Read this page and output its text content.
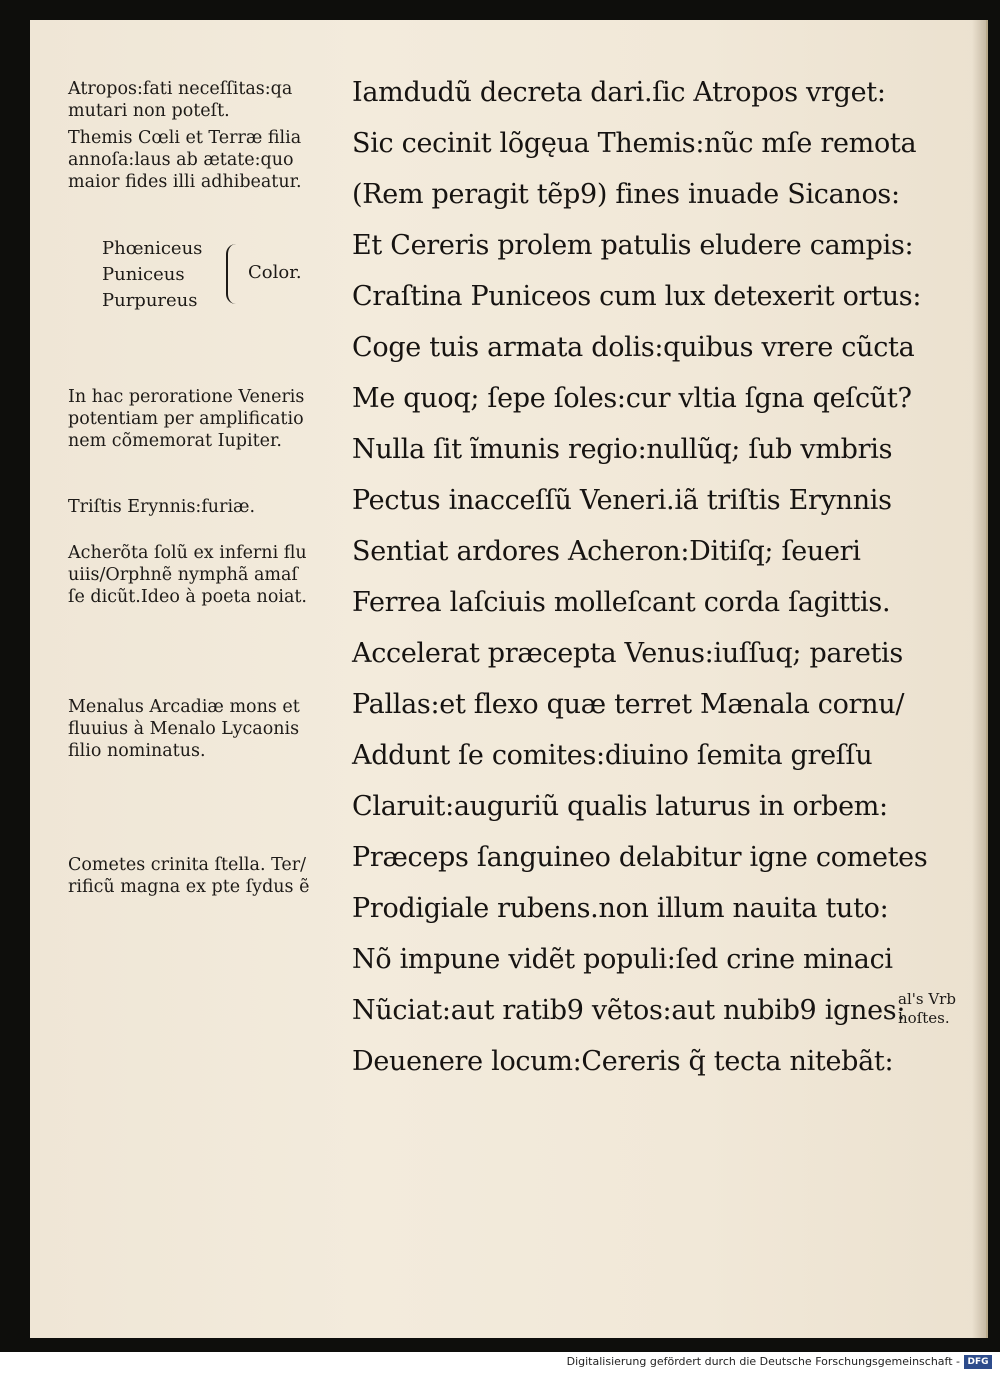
Atropos:fati neceſſitas:qa
mutari non poteſt.
Themis Cœli et Terræ filia
annoſa:laus ab ætate:quo
maior fides illi adhibeatur.
Phœniceus
Puniceus
Purpureus
Color.
In hac peroratione Veneris
potentiam per amplificatio
nem cõmemorat Iupiter.
Triſtis Erynnis:furiæ.
Acherõta ſolũ ex inferni flu
uiis/Orphnẽ nymphã amaſ
ſe dicũt.Ideo à poeta noiat.
Menalus Arcadiæ mons et
fluuius à Menalo Lycaonis
filio nominatus.
Cometes crinita ſtella. Ter/
rificũ magna ex pte ſydus ẽ

Iamdudũ decreta dari.ſic Atropos vrget:

Sic cecinit lõgęua Themis:nũc mſe remota

(Rem peragit tẽp9) fines inuade Sicanos:

Et Cereris prolem patulis eludere campis:

Craſtina Puniceos cum lux detexerit ortus:

Coge tuis armata dolis:quibus vrere cũcta

Me quoq; ſepe ſoles:cur vltia ſgna qeſcũt?

Nulla ſit ĩmunis regio:nullũq; ſub vmbris

Pectus inacceſſũ Veneri.iã triſtis Erynnis

Sentiat ardores Acheron:Ditiſq; ſeueri

Ferrea laſciuis molleſcant corda ſagittis.

Accelerat præcepta Venus:iuſſuq; paretis

Pallas:et flexo quæ terret Mænala cornu/

Addunt ſe comites:diuino ſemita greſſu

Claruit:auguriũ qualis laturus in orbem:

Præceps ſanguineo delabitur igne cometes

Prodigiale rubens.non illum nauita tuto:

Nõ impune vidẽt populi:ſed crine minaci

Nũciat:aut ratib9 vẽtos:aut nubib9 ignes:

Deuenere locum:Cereris q̃ tecta nitebãt:

al's Vrb
hoſtes.
Digitalisierung gefördert durch die Deutsche Forschungsgemeinschaft - DFG
